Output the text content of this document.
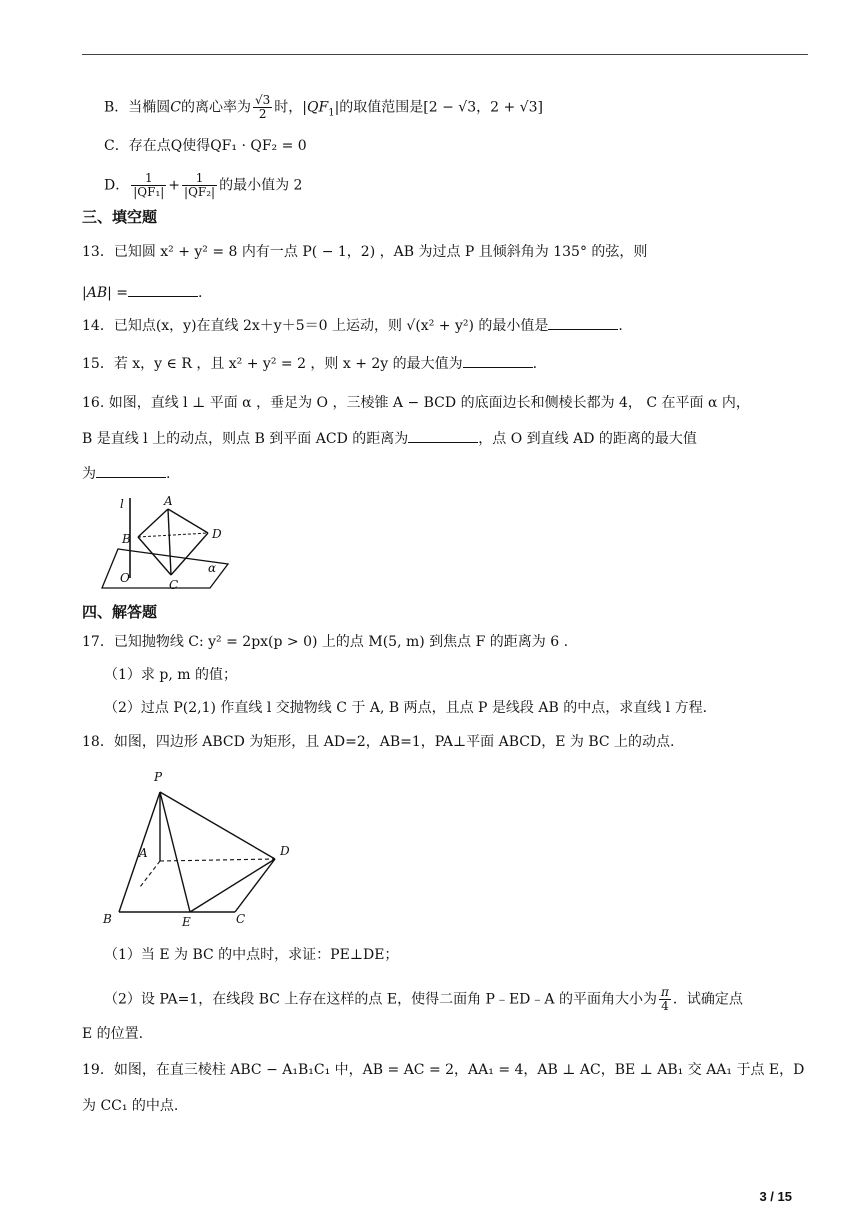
B．当椭圆C的离心率为 $\frac{√3}{2}$ 时，$|QF_1|$的取值范围是[2 − √3，2 + √3]
C．存在点Q使得QF₁ · QF₂ = 0
D． $\frac{1}{\text{|QF₁|}} + \frac{1}{\text{|QF₂|}}$ 的最小值为 2
三、填空题
13．已知圆 x² + y² = 8 内有一点 P( − 1，2) ，AB 为过点 P 且倾斜角为 135° 的弦，则
|AB| =	.
14．已知点(x，y)在直线 2x＋y＋5＝0 上运动，则 √(x² + y²) 的最小值是	.
15．若 x，y ∈ R ，且 x² + y² = 2 ，则 x + 2y 的最大值为	.
16. 如图，直线 l ⊥ 平面 α ，垂足为 O ，三棱锥 A − BCD 的底面边长和侧棱长都为 4， C 在平面 α 内，
B 是直线 l 上的动点，则点 B 到平面 ACD 的距离为	，点 O 到直线 AD 的距离的最大值
为	.
l	A
B	D
O	C
α
四、解答题
17．已知抛物线 C: y² = 2px(p > 0) 上的点 M(5, m) 到焦点 F 的距离为 6 .
（1）求 p, m 的值；
（2）过点 P(2,1) 作直线 l 交抛物线 C 于 A, B 两点，且点 P 是线段 AB 的中点，求直线 l 方程.
18．如图，四边形 ABCD 为矩形，且 AD=2，AB=1，PA⊥平面 ABCD，E 为 BC 上的动点.
P
A	D
B	E	C
（1）当 E 为 BC 的中点时，求证：PE⊥DE；
（2）设 PA=1，在线段 BC 上存在这样的点 E，使得二面角 P﹣ED﹣A 的平面角大小为 $\frac{\pi}{4}$ ．试确定点
E 的位置.
19．如图，在直三棱柱 ABC − A₁B₁C₁ 中，AB = AC = 2，AA₁ = 4，AB ⊥ AC，BE ⊥ AB₁ 交 AA₁ 于点 E，D
为 CC₁ 的中点.
3 / 15
